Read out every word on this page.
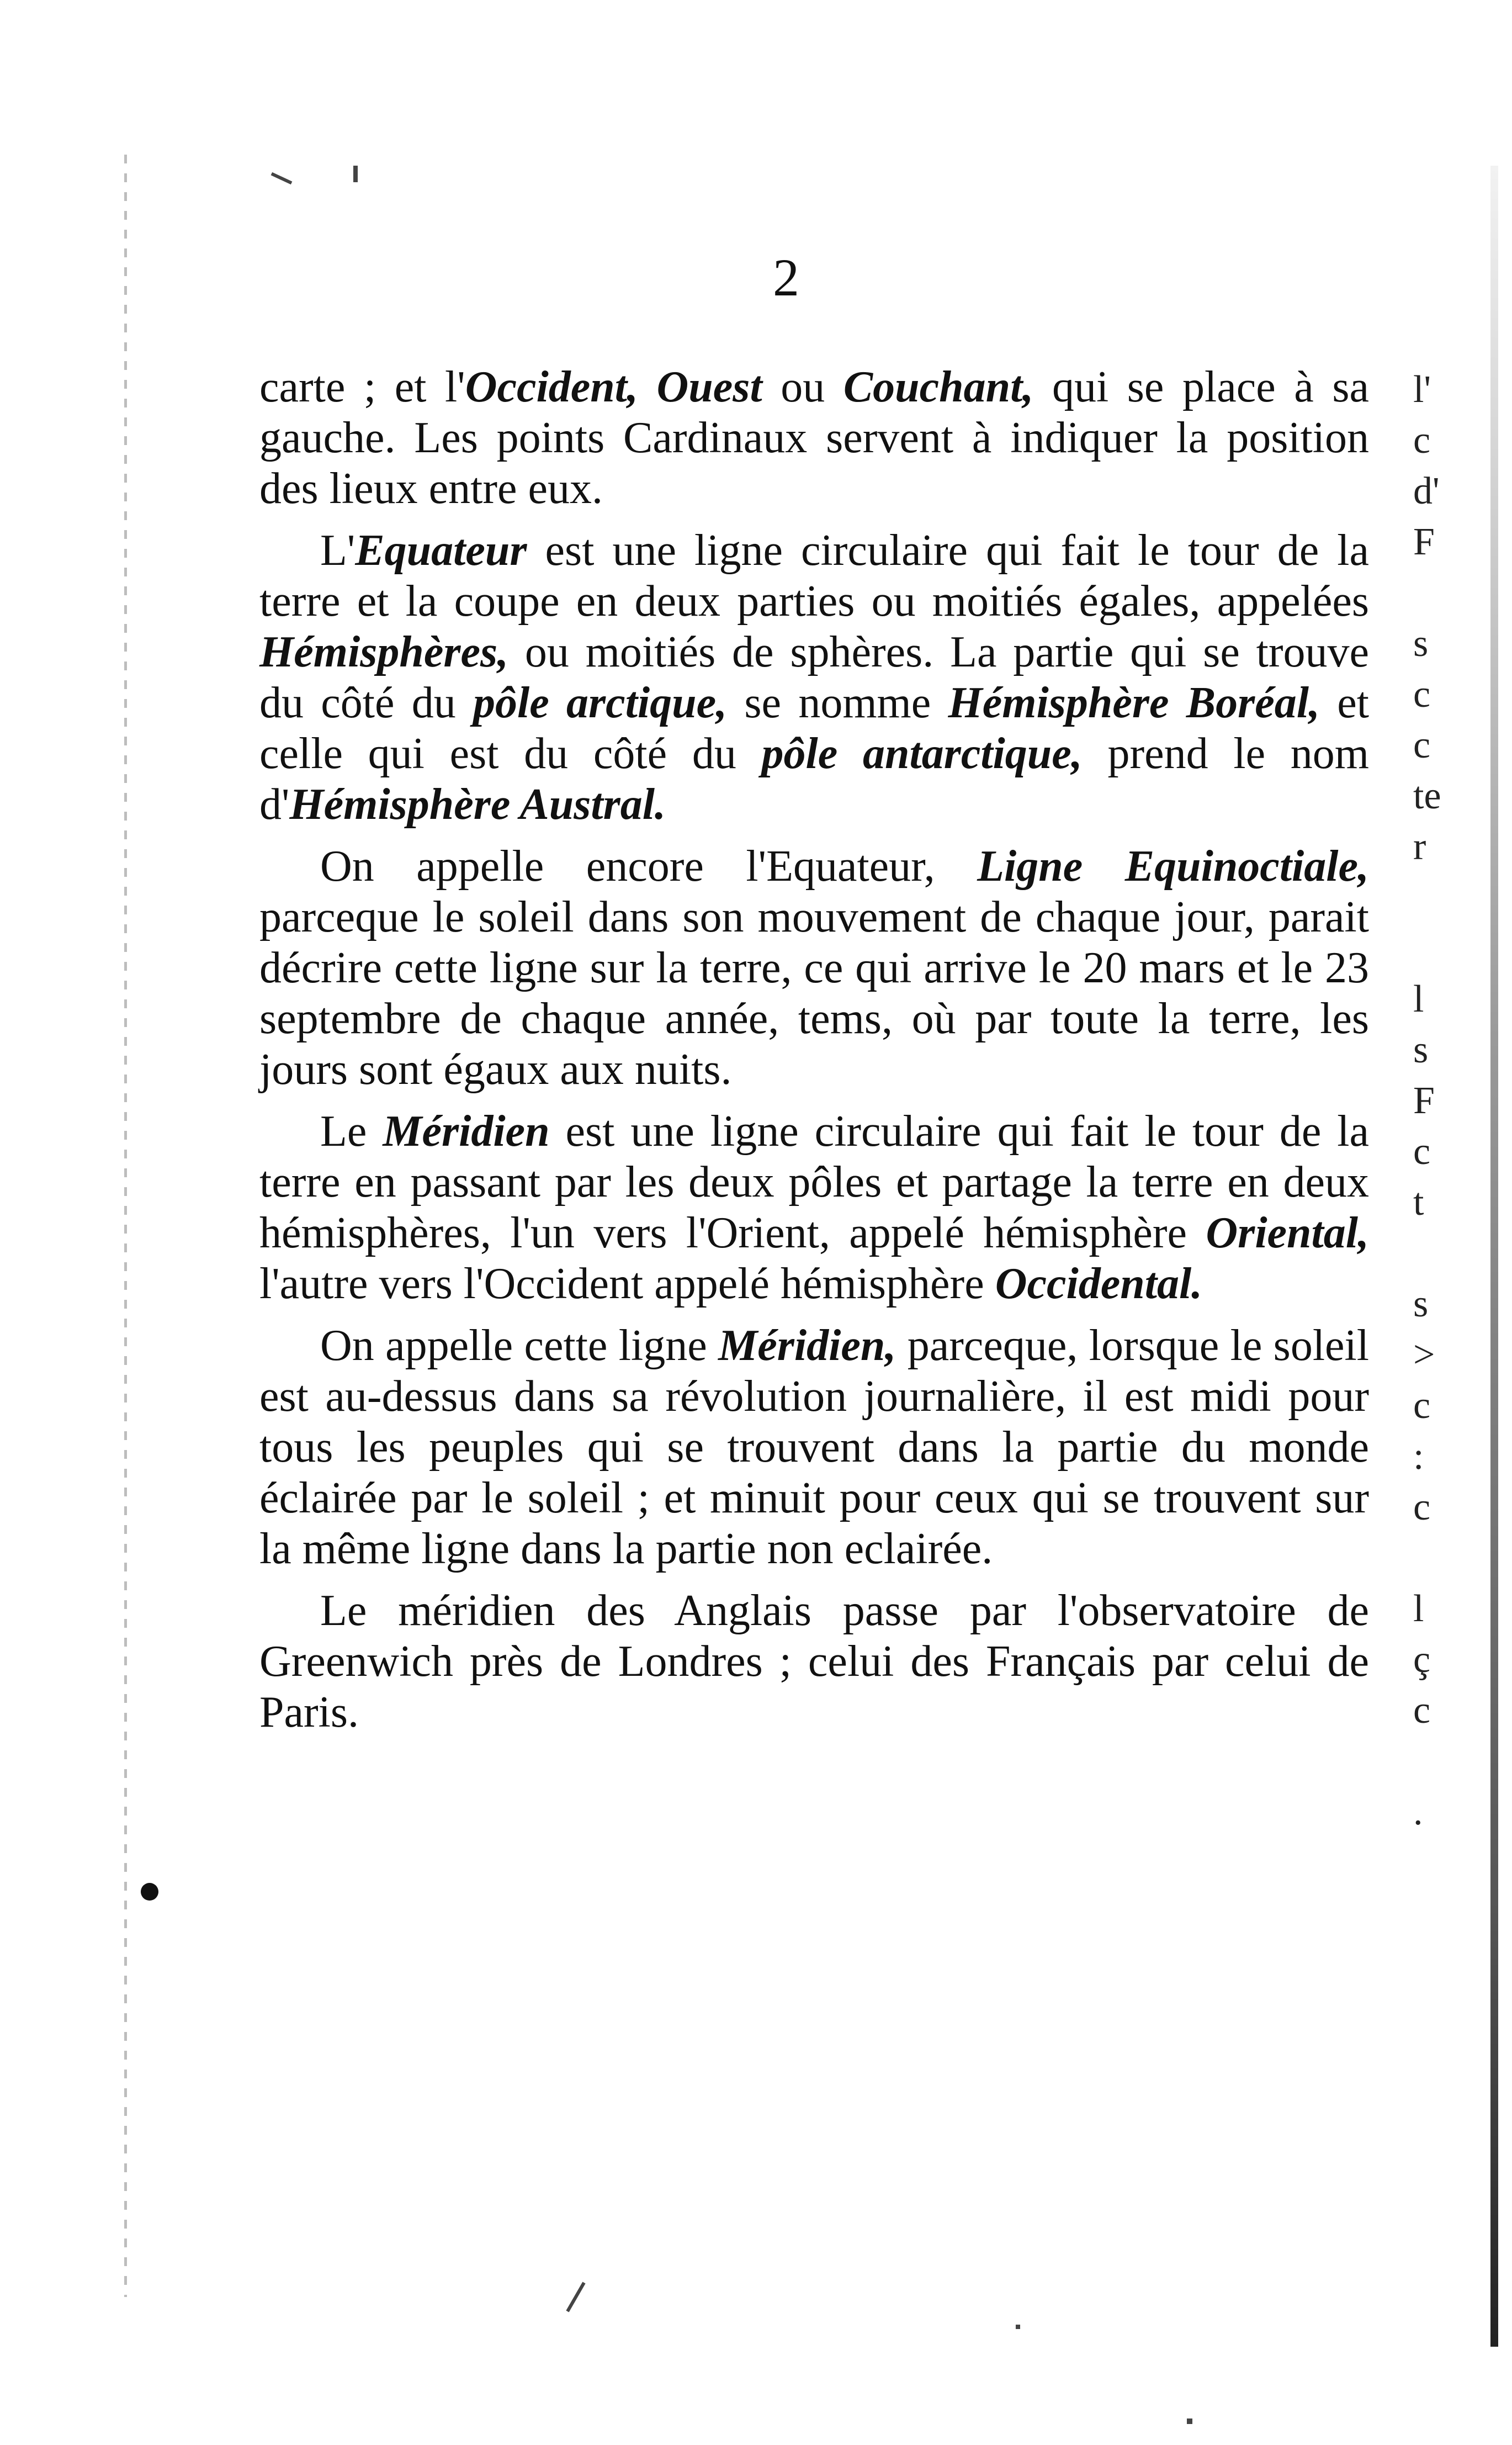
2

carte ; et l'Occident, Ouest ou Couchant, qui se place à sa gauche. Les points Cardinaux servent à indiquer la position des lieux entre eux.

L'Equateur est une ligne circulaire qui fait le tour de la terre et la coupe en deux parties ou moitiés égales, appelées Hémisphères, ou moitiés de sphères. La partie qui se trouve du côté du pôle arctique, se nomme Hémisphère Boréal, et celle qui est du côté du pôle antarctique, prend le nom d'Hémisphère Austral.

On appelle encore l'Equateur, Ligne Equinoctiale, parceque le soleil dans son mouvement de chaque jour, parait décrire cette ligne sur la terre, ce qui arrive le 20 mars et le 23 septembre de chaque année, tems, où par toute la terre, les jours sont égaux aux nuits.

Le Méridien est une ligne circulaire qui fait le tour de la terre en passant par les deux pôles et partage la terre en deux hémisphères, l'un vers l'Orient, appelé hémisphère Oriental, l'autre vers l'Occident appelé hémisphère Occidental.

On appelle cette ligne Méridien, parceque, lorsque le soleil est au-dessus dans sa révolution journalière, il est midi pour tous les peuples qui se trouvent dans la partie du monde éclairée par le soleil ; et minuit pour ceux qui se trouvent sur la même ligne dans la partie non eclairée.

Le méridien des Anglais passe par l'observatoire de Greenwich près de Londres ; celui des Français par celui de Paris.

l'
c
d'
F
s
c
c
te
r
l
s
F
c
t
s
>
c
:
c
l
ç
c
.
